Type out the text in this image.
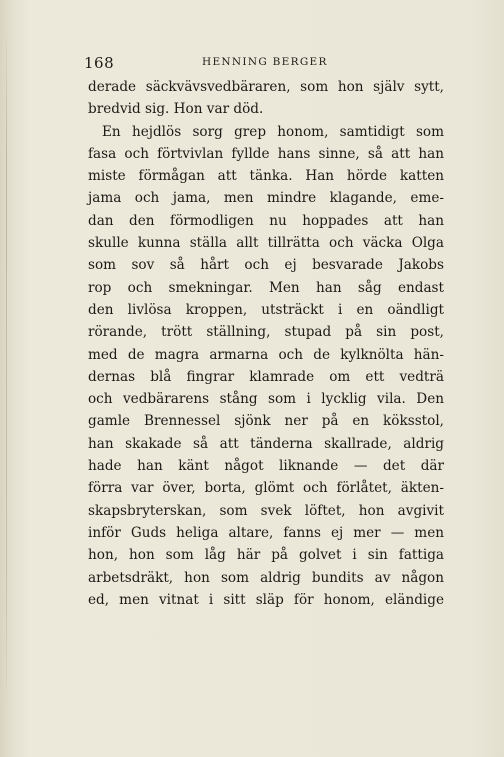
168	HENNING BERGER
derade säckvävsvedbäraren, som hon själv sytt,
bredvid sig. Hon var död.
En hejdlös sorg grep honom, samtidigt som
fasa och förtvivlan fyllde hans sinne, så att han
miste förmågan att tänka. Han hörde katten
jama och jama, men mindre klagande, eme-
dan den förmodligen nu hoppades att han
skulle kunna ställa allt tillrätta och väcka Olga
som sov så hårt och ej besvarade Jakobs
rop och smekningar. Men han såg endast
den livlösa kroppen, utsträckt i en oändligt
rörande, trött ställning, stupad på sin post,
med de magra armarna och de kylknölta hän-
dernas blå fingrar klamrade om ett vedträ
och vedbärarens stång som i lycklig vila. Den
gamle Brennessel sjönk ner på en köksstol,
han skakade så att tänderna skallrade, aldrig
hade han känt något liknande — det där
förra var över, borta, glömt och förlåtet, äkten-
skapsbryterskan, som svek löftet, hon avgivit
inför Guds heliga altare, fanns ej mer — men
hon, hon som låg här på golvet i sin fattiga
arbetsdräkt, hon som aldrig bundits av någon
ed, men vitnat i sitt släp för honom, eländige
